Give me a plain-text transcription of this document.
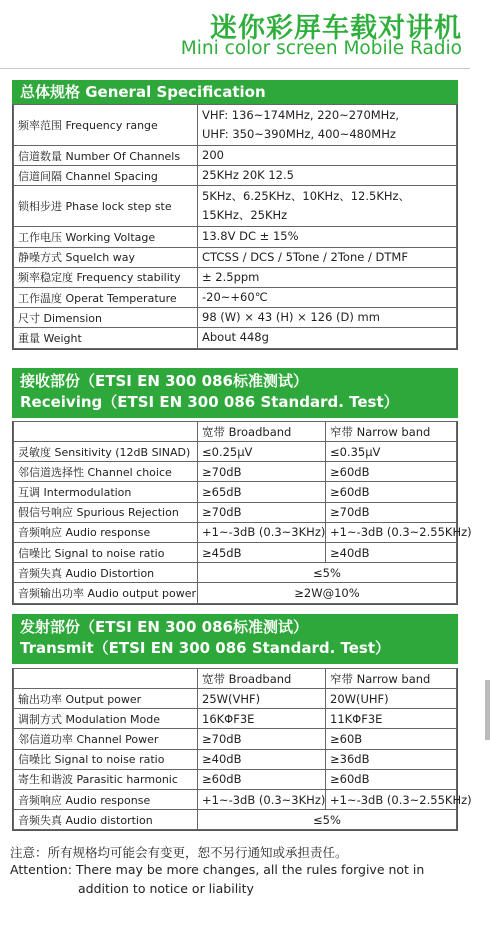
迷你彩屏车载对讲机
Mini color screen Mobile Radio
总体规格 General Specification
频率范围 Frequency range	VHF: 136~174MHz, 220~270MHz,
UHF: 350~390MHz, 400~480MHz

信道数量 Number Of Channels	200

信道间隔 Channel Spacing	25KHz 20K 12.5

锁相步进 Phase lock step ste	5KHz、6.25KHz、10KHz、12.5KHz、
15KHz、25KHz

工作电压 Working Voltage	13.8V DC ± 15%

静噪方式 Squelch way	CTCSS / DCS / 5Tone / 2Tone / DTMF

频率稳定度 Frequency stability	± 2.5ppm

工作温度 Operat Temperature	-20~+60℃

尺寸 Dimension	98 (W) × 43 (H) × 126 (D) mm

重量 Weight	About 448g
接收部份（ETSI EN 300 086标准测试）
Receiving（ETSI EN 300 086 Standard. Test）
	宽带 Broadband	窄带 Narrow band
灵敏度 Sensitivity (12dB SINAD)	≤0.25μV	≤0.35μV
邻信道选择性 Channel choice	≥70dB	≥60dB
互调 Intermodulation	≥65dB	≥60dB
假信号响应 Spurious Rejection	≥70dB	≥70dB
音频响应 Audio response	+1~-3dB (0.3~3KHz)	+1~-3dB (0.3~2.55KHz)
信噪比 Signal to noise ratio	≥45dB	≥40dB
音频失真 Audio Distortion	≤5%	
音频输出功率 Audio output power	≥2W@10%	
发射部份（ETSI EN 300 086标准测试）
Transmit（ETSI EN 300 086 Standard. Test）
	宽带 Broadband	窄带 Narrow band
输出功率 Output power	25W(VHF)	20W(UHF)
调制方式 Modulation Mode	16KΦF3E	11KΦF3E
邻信道功率 Channel Power	≥70dB	≥60B
信噪比 Signal to noise ratio	≥40dB	≥36dB
寄生和谐波 Parasitic harmonic	≥60dB	≥60dB
音频响应 Audio response	+1~-3dB (0.3~3KHz)	+1~-3dB (0.3~2.55KHz)
音频失真 Audio distortion	≤5%	
注意：所有规格均可能会有变更，恕不另行通知或承担责任。
Attention: There may be more changes, all the rules forgive not in
addition to notice or liability
